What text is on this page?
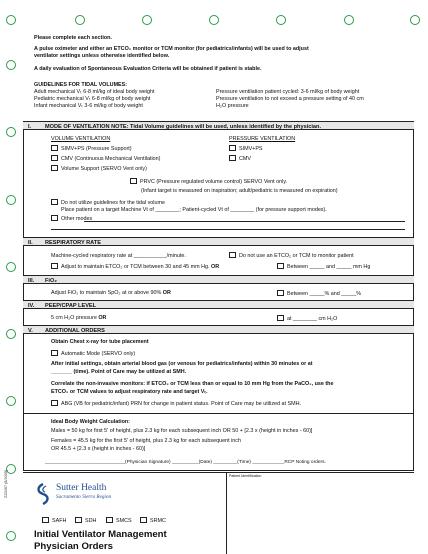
Please complete each section.
A pulse oximeter and either an ETCO₂ monitor or TCM monitor (for pediatrics/infants) will be used to adjust
ventilator settings unless otherwise identified below.
A daily evaluation of Spontaneous Evaluation Criteria will be obtained if patient is stable.
GUIDELINES FOR TIDAL VOLUMES:
Adult mechanical Vₜ 6-8 ml/kg of ideal body weight
Pediatric mechanical Vₜ 6-8 ml/kg of body weight
Infant mechanical Vₜ 3-6 ml/kg of body weight
Pressure ventilation patient cycled: 3-6 ml/kg of body weight
Pressure ventilation to not exceed a pressure setting of 40 cm
H₂O pressure
I. MODE OF VENTILATION NOTE: Tidal Volume guidelines will be used, unless identified by the physician.
VOLUME VENTILATION	PRESSURE VENTILATION
SIMV+PS (Pressure Support)
CMV (Continuous Mechanical Ventilation)
Volume Support (SERVO Vent only)
SIMV+PS
CMV
PRVC (Pressure regulated volume control) SERVO Vent only.
(Infant target is measured on inspiration; adult/pediatric is measured on expiration)
Do not utilize guidelines for the tidal volume
Place patient on a target Machine Vt of ________; Patient-cycled Vt of ________ (for pressure support modes).
Other modes
II. RESPIRATORY RATE
Machine-cycled respiratory rate at ___________/minute.	Do not use an ETCO₂ or TCM to monitor patient
Adjust to maintain ETCO₂ or TCM between 30 and 45 mm Hg. OR	Between _____ and _____ mm Hg
III. FiO₂
Adjust FiO₂ to maintain SpO₂ at or above 90% OR	Between _____% and _____%
IV. PEEP/CPAP LEVEL
5 cm H₂O pressure OR	at ________ cm H₂O
V. ADDITIONAL ORDERS
Obtain Chest x-ray for tube placement
Automatic Mode (SERVO only)
After initial settings, obtain arterial blood gas (or venous for pediatrics/infants) within 30 minutes or at
_______ (time). Point of Care may be utilized at SMH.
Correlate the non-invasive monitors: if ETCO₂ or TCM less than or equal to 10 mm Hg from the PaCO₂, use the
ETCO₂ or TCM values to adjust respiratory rate and target Vₜ.
ABG (VB for pediatric/infant) PRN for change in patient status. Point of Care may be utilized at SMH.
Ideal Body Weight Calculation:
Males = 50 kg for first 5' of height, plus 2.3 kg for each subsequent inch OR 50 + [2.3 x (height in inches - 60)]
Females = 45.5 kg for the first 5' of height, plus 2.3 kg for each subsequent inch
OR 45.5 + [2.3 x (height in inches - 60)]
______________________________(Physician Signature) __________(Date) _________(Time) ____________RCP Noting orders.
Patient Identification
Sutter Health
Sacramento Sierra Region
SAFH	SDH	SMCS	SRMC
Initial Ventilator Management
Physician Orders
ZZ0497 (8/2005)
